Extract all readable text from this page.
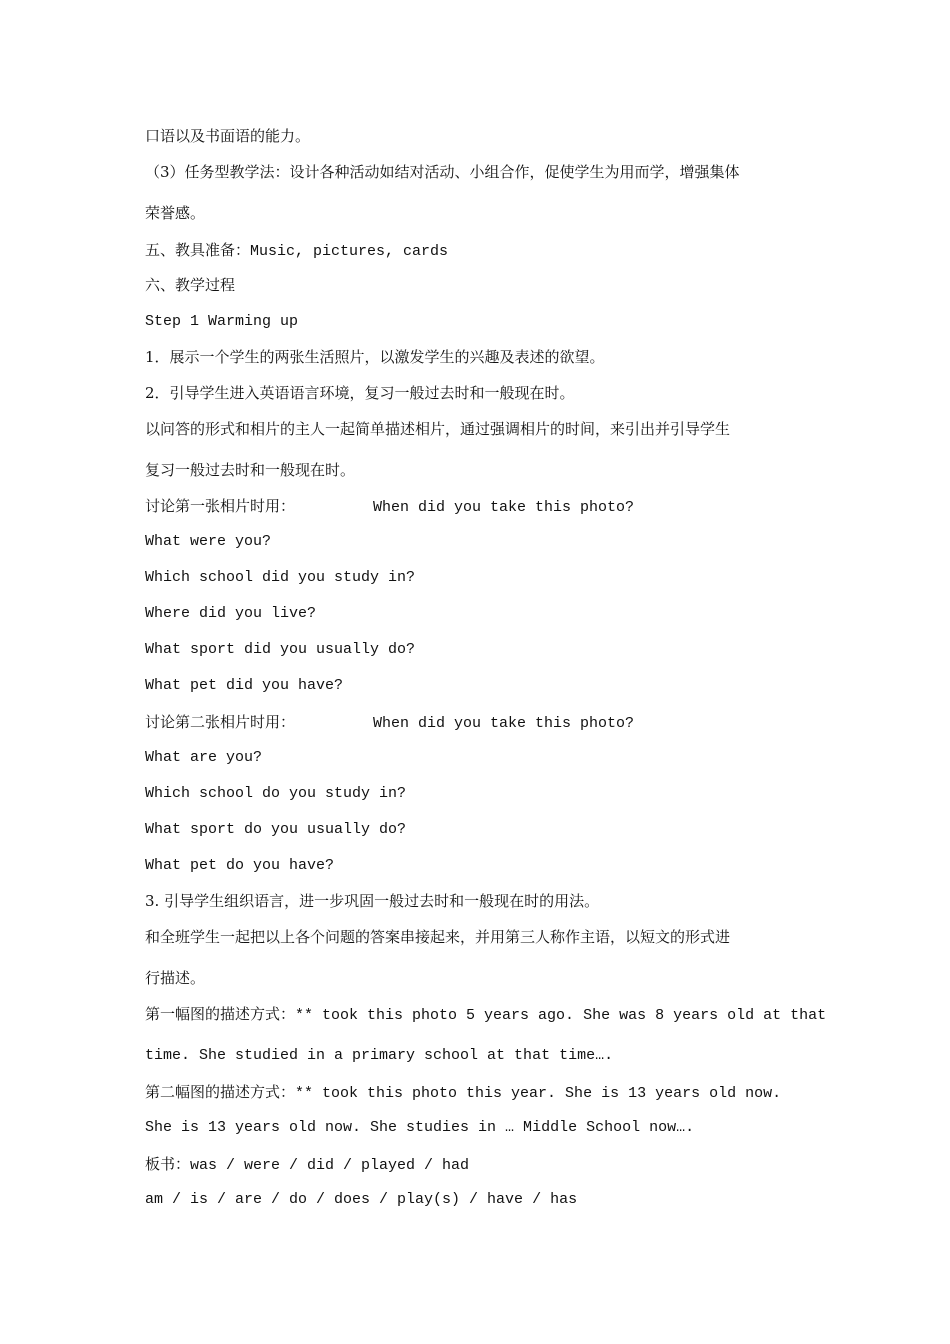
口语以及书面语的能力。
（3）任务型教学法：设计各种活动如结对活动、小组合作，促使学生为用而学，增强集体
荣誉感。
五、教具准备：Music, pictures, cards
六、教学过程
Step 1 Warming up
1．展示一个学生的两张生活照片，以激发学生的兴趣及表述的欲望。
2．引导学生进入英语语言环境，复习一般过去时和一般现在时。
以问答的形式和相片的主人一起简单描述相片，通过强调相片的时间，来引出并引导学生
复习一般过去时和一般现在时。
讨论第一张相片时用：	When did you take this photo?
What were you?
Which school did you study in?
Where did you live?
What sport did you usually do?
What pet did you have?
讨论第二张相片时用：	When did you take this photo?
What are you?
Which school do you study in?
What sport do you usually do?
What pet do you have?
3. 引导学生组织语言，进一步巩固一般过去时和一般现在时的用法。
和全班学生一起把以上各个问题的答案串接起来，并用第三人称作主语，以短文的形式进
行描述。
第一幅图的描述方式：** took this photo 5 years ago. She was 8 years old at that
time. She studied in a primary school at that time….
第二幅图的描述方式：** took this photo this year. She is 13 years old now.
She is 13 years old now. She studies in … Middle School now….
板书：was / were / did / played / had
am / is / are / do / does / play(s) / have / has
